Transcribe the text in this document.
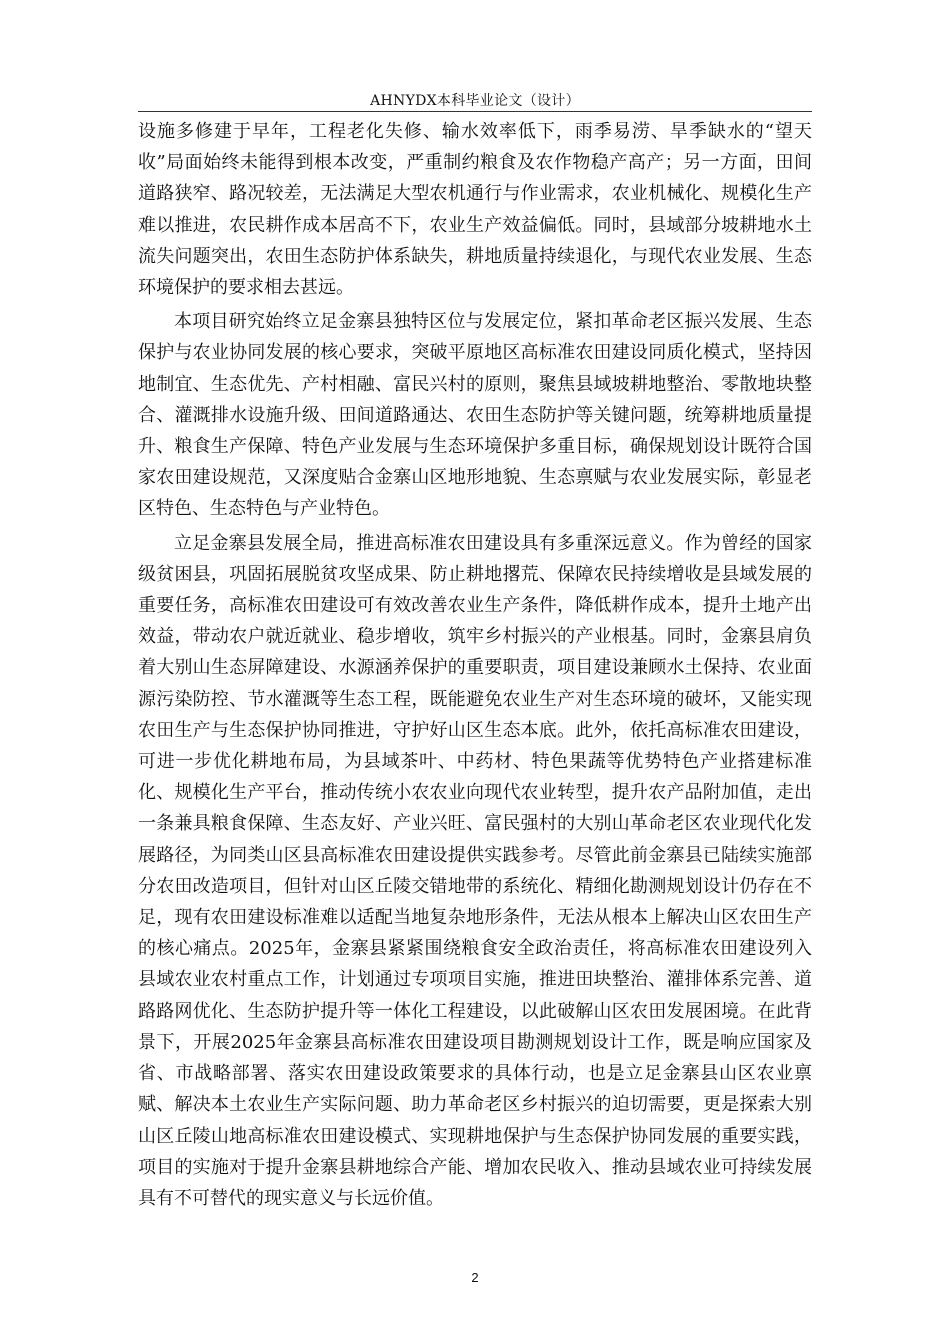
AHNYDX本科毕业论文（设计）

设施多修建于早年，工程老化失修、输水效率低下，雨季易涝、旱季缺水的“望天收”局面始终未能得到根本改变，严重制约粮食及农作物稳产高产；另一方面，田间道路狭窄、路况较差，无法满足大型农机通行与作业需求，农业机械化、规模化生产难以推进，农民耕作成本居高不下，农业生产效益偏低。同时，县域部分坡耕地水土流失问题突出，农田生态防护体系缺失，耕地质量持续退化，与现代农业发展、生态环境保护的要求相去甚远。

本项目研究始终立足金寨县独特区位与发展定位，紧扣革命老区振兴发展、生态保护与农业协同发展的核心要求，突破平原地区高标准农田建设同质化模式，坚持因地制宜、生态优先、产村相融、富民兴村的原则，聚焦县域坡耕地整治、零散地块整合、灌溉排水设施升级、田间道路通达、农田生态防护等关键问题，统筹耕地质量提升、粮食生产保障、特色产业发展与生态环境保护多重目标，确保规划设计既符合国家农田建设规范，又深度贴合金寨山区地形地貌、生态禀赋与农业发展实际，彰显老区特色、生态特色与产业特色。

立足金寨县发展全局，推进高标准农田建设具有多重深远意义。作为曾经的国家级贫困县，巩固拓展脱贫攻坚成果、防止耕地撂荒、保障农民持续增收是县域发展的重要任务，高标准农田建设可有效改善农业生产条件，降低耕作成本，提升土地产出效益，带动农户就近就业、稳步增收，筑牢乡村振兴的产业根基。同时，金寨县肩负着大别山生态屏障建设、水源涵养保护的重要职责，项目建设兼顾水土保持、农业面源污染防控、节水灌溉等生态工程，既能避免农业生产对生态环境的破坏，又能实现农田生产与生态保护协同推进，守护好山区生态本底。此外，依托高标准农田建设，可进一步优化耕地布局，为县域茶叶、中药材、特色果蔬等优势特色产业搭建标准化、规模化生产平台，推动传统小农农业向现代农业转型，提升农产品附加值，走出一条兼具粮食保障、生态友好、产业兴旺、富民强村的大别山革命老区农业现代化发展路径，为同类山区县高标准农田建设提供实践参考。尽管此前金寨县已陆续实施部分农田改造项目，但针对山区丘陵交错地带的系统化、精细化勘测规划设计仍存在不足，现有农田建设标准难以适配当地复杂地形条件，无法从根本上解决山区农田生产的核心痛点。2025年，金寨县紧紧围绕粮食安全政治责任，将高标准农田建设列入县域农业农村重点工作，计划通过专项项目实施，推进田块整治、灌排体系完善、道路路网优化、生态防护提升等一体化工程建设，以此破解山区农田发展困境。在此背景下，开展2025年金寨县高标准农田建设项目勘测规划设计工作，既是响应国家及省、市战略部署、落实农田建设政策要求的具体行动，也是立足金寨县山区农业禀赋、解决本土农业生产实际问题、助力革命老区乡村振兴的迫切需要，更是探索大别山区丘陵山地高标准农田建设模式、实现耕地保护与生态保护协同发展的重要实践，项目的实施对于提升金寨县耕地综合产能、增加农民收入、推动县域农业可持续发展具有不可替代的现实意义与长远价值。

2
